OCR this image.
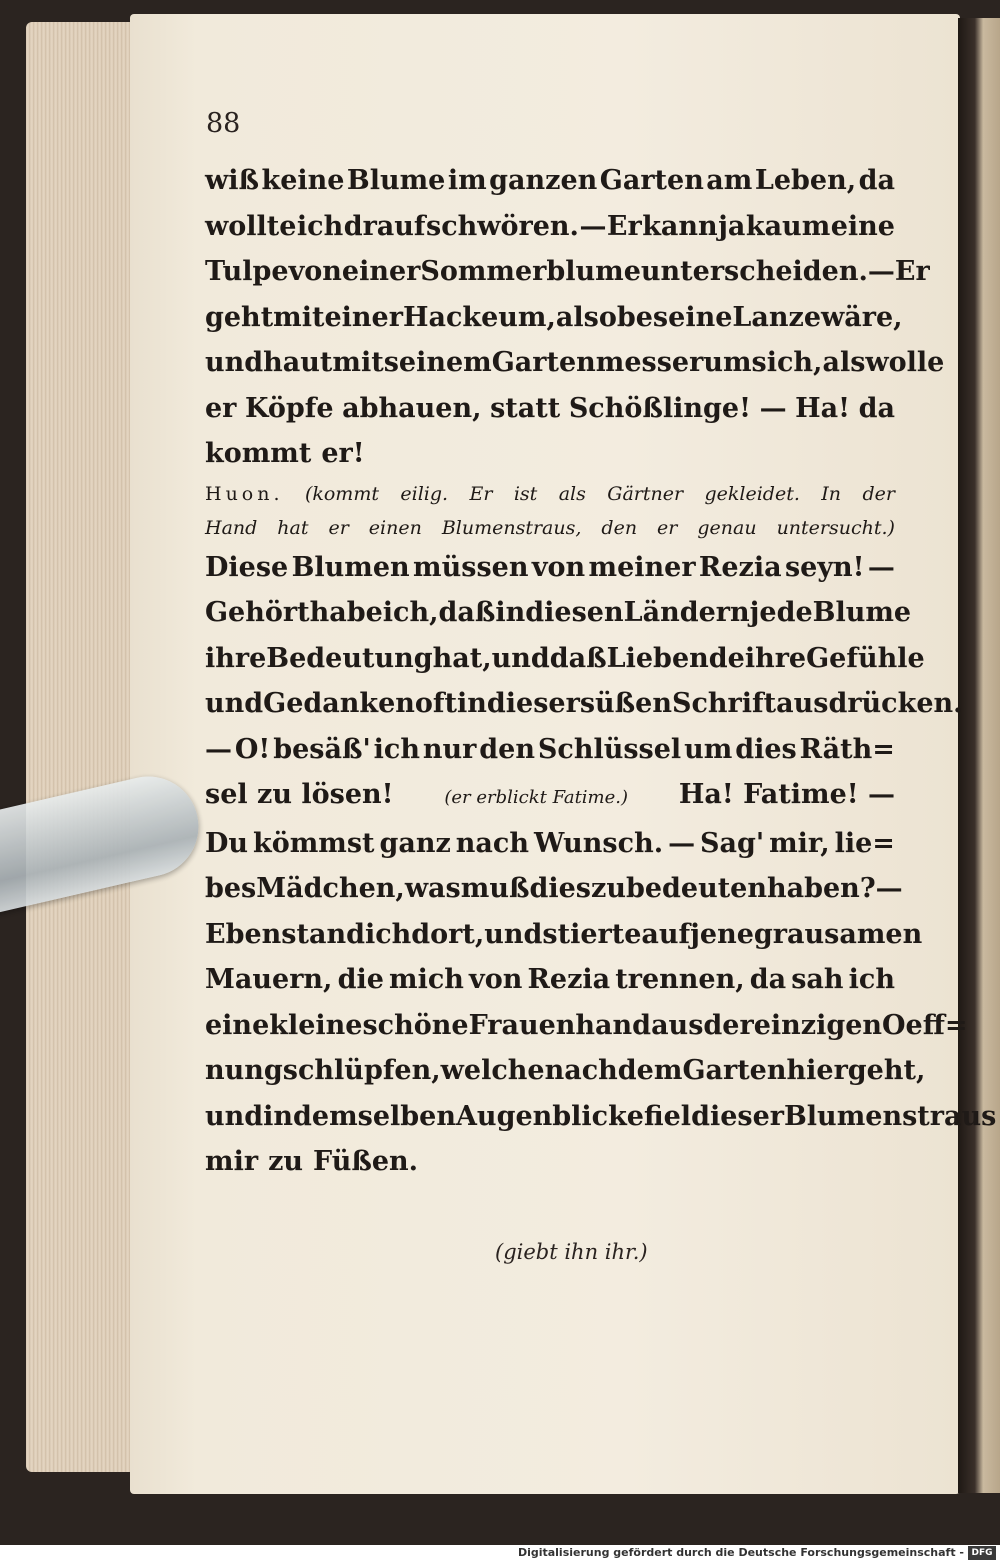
88
wiß keine Blume im ganzen Garten am Leben, da
wollte ich drauf schwören. — Er kann ja kaum eine
Tulpe von einer Sommerblume unterscheiden. — Er
geht mit einer Hacke um, als ob es eine Lanze wäre,
und haut mit seinem Gartenmesser um sich, als wolle
er Köpfe abhauen, statt Schößlinge! — Ha! da
kommt er!
Huon. (kommt eilig. Er ist als Gärtner gekleidet. In der
Hand hat er einen Blumenstraus, den er genau untersucht.)
Diese Blumen müssen von meiner Rezia seyn! —
Gehört habe ich, daß in diesen Ländern jede Blume
ihre Bedeutung hat, und daß Liebende ihre Gefühle
und Gedanken oft in dieser süßen Schrift ausdrücken.
— O! besäß' ich nur den Schlüssel um dies Räth=
sel zu lösen!	(er erblickt Fatime.) Ha! Fatime! —
Du kömmst ganz nach Wunsch. — Sag' mir, lie=
bes Mädchen, was muß dies zu bedeuten haben? —
Eben stand ich dort, und stierte auf jene grausamen
Mauern, die mich von Rezia trennen, da sah ich
eine kleine schöne Frauenhand aus der einzigen Oeff=
nung schlüpfen, welche nach dem Garten hier geht,
und in demselben Augenblicke fiel dieser Blumenstraus
mir zu Füßen.
(giebt ihn ihr.)
Digitalisierung gefördert durch die Deutsche Forschungsgemeinschaft - DFG
